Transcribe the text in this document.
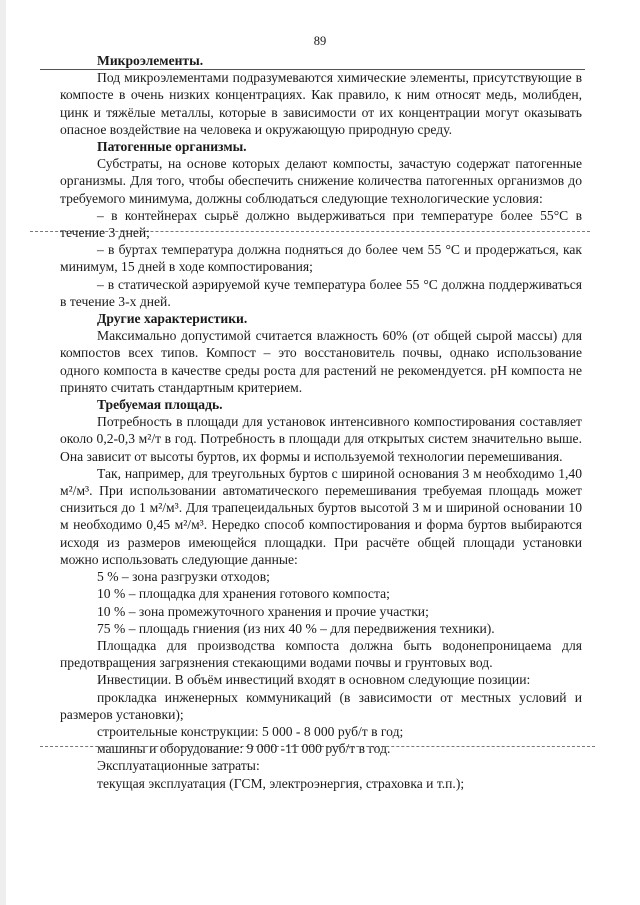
89

Микроэлементы.

Под микроэлементами подразумеваются химические элементы, присутствующие в компосте в очень низких концентрациях. Как правило, к ним относят медь, молибден, цинк и тяжёлые металлы, которые в зависимости от их концентрации могут оказывать опасное воздействие на человека и окружающую природную среду.

Патогенные организмы.

Субстраты, на основе которых делают компосты, зачастую содержат патогенные организмы. Для того, чтобы обеспечить снижение количества патогенных организмов до требуемого минимума, должны соблюдаться следующие технологические условия:

– в контейнерах сырьё должно выдерживаться при температуре более 55°C в течение 3 дней;

– в буртах температура должна подняться до более чем 55 °C и продержаться, как минимум, 15 дней в ходе компостирования;

– в статической аэрируемой куче температура более 55 °C должна поддерживаться в течение 3-х дней.

Другие характеристики.

Максимально допустимой считается влажность 60% (от общей сырой массы) для компостов всех типов. Компост – это восстановитель почвы, однако использование одного компоста в качестве среды роста для растений не рекомендуется. pH компоста не принято считать стандартным критерием.

Требуемая площадь.

Потребность в площади для установок интенсивного компостирования составляет около 0,2-0,3 м²/т в год. Потребность в площади для открытых систем значительно выше. Она зависит от высоты буртов, их формы и используемой технологии перемешивания.

Так, например, для треугольных буртов с шириной основания 3 м необходимо 1,40 м²/м³. При использовании автоматического перемешивания требуемая площадь может снизиться до 1 м²/м³. Для трапецеидальных буртов высотой 3 м и шириной основании 10 м необходимо 0,45 м²/м³. Нередко способ компостирования и форма буртов выбираются исходя из размеров имеющейся площадки. При расчёте общей площади установки можно использовать следующие данные:

5 % – зона разгрузки отходов;

10 % – площадка для хранения готового компоста;

10 % – зона промежуточного хранения и прочие участки;

75 % – площадь гниения (из них 40 % – для передвижения техники).

Площадка для производства компоста должна быть водонепроницаема для предотвращения загрязнения стекающими водами почвы и грунтовых вод.

Инвестиции. В объём инвестиций входят в основном следующие позиции:

прокладка инженерных коммуникаций (в зависимости от местных условий и размеров установки);

строительные конструкции: 5 000 - 8 000 руб/т в год;

машины и оборудование: 9 000 -11 000 руб/т в год.

Эксплуатационные затраты:

текущая эксплуатация (ГСМ, электроэнергия, страховка и т.п.);
